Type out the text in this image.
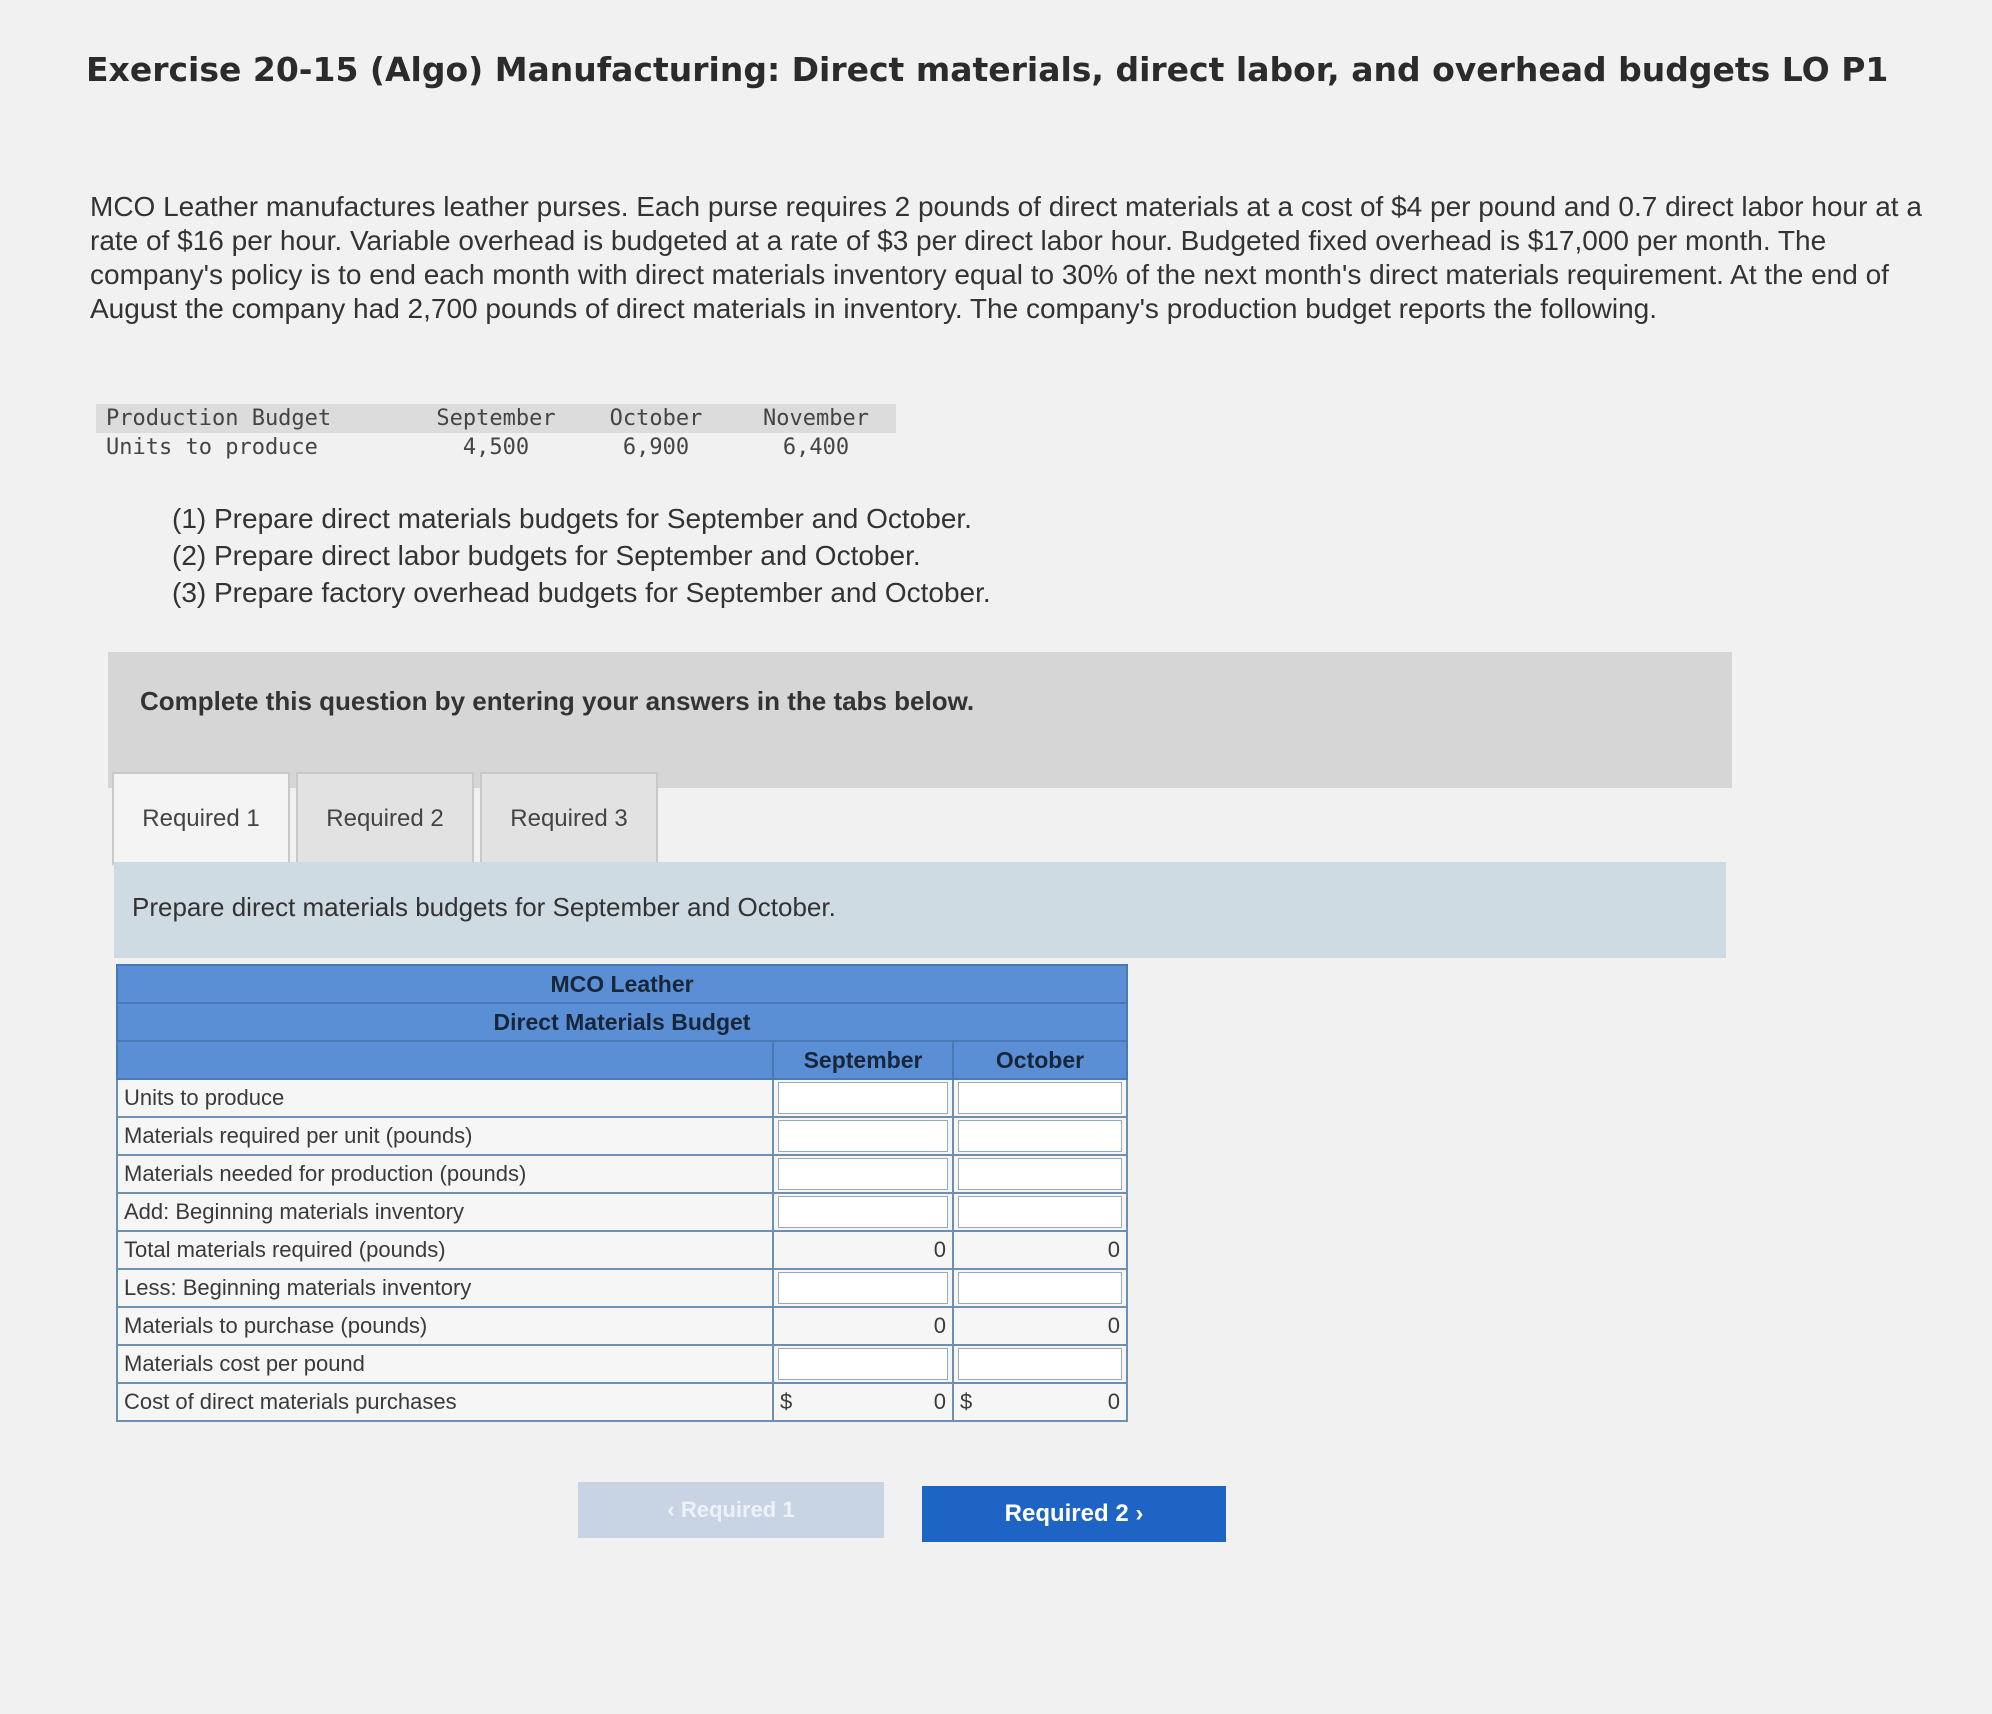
Exercise 20-15 (Algo) Manufacturing: Direct materials, direct labor, and overhead budgets LO P1
MCO Leather manufactures leather purses. Each purse requires 2 pounds of direct materials at a cost of $4 per pound and 0.7 direct labor hour at a rate of $16 per hour. Variable overhead is budgeted at a rate of $3 per direct labor hour. Budgeted fixed overhead is $17,000 per month. The company's policy is to end each month with direct materials inventory equal to 30% of the next month's direct materials requirement. At the end of August the company had 2,700 pounds of direct materials in inventory. The company's production budget reports the following.
Production Budget	September	October	November
Units to produce	4,500	6,900	6,400
(1) Prepare direct materials budgets for September and October.
(2) Prepare direct labor budgets for September and October.
(3) Prepare factory overhead budgets for September and October.
Complete this question by entering your answers in the tabs below.
Required 1	Required 2	Required 3
Prepare direct materials budgets for September and October.
MCO Leather		
Direct Materials Budget		
	September	October
Units to produce		
Materials required per unit (pounds)		
Materials needed for production (pounds)		
Add: Beginning materials inventory		
Total materials required (pounds)	0	0
Less: Beginning materials inventory		
Materials to purchase (pounds)	0	0
Materials cost per pound		
Cost of direct materials purchases	$ 0	$ 0
‹ Required 1	Required 2 ›
